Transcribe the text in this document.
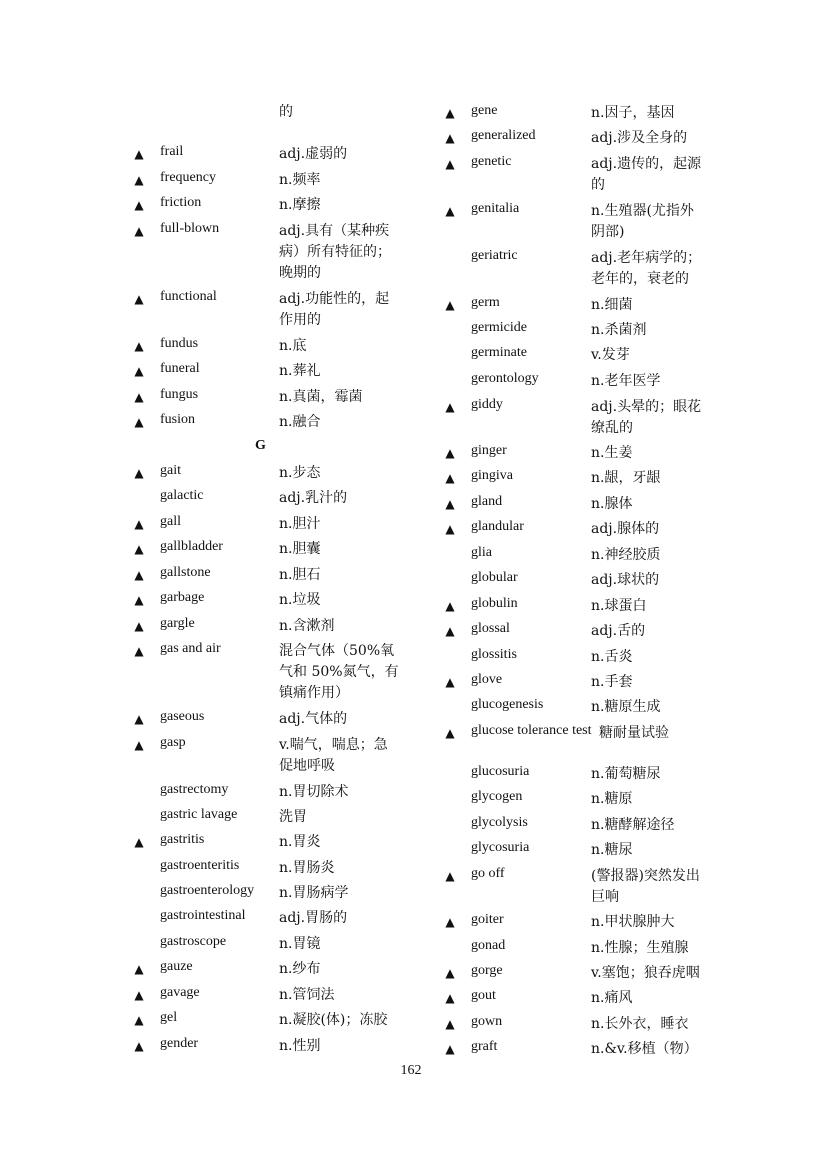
的
G
▲ frail	adj.虚弱的
▲ frequency	n.频率
▲ friction	n.摩擦
▲ full-blown	adj.具有（某种疾
病）所有特征的；
晚期的
▲ functional	adj.功能性的，起
作用的
▲ fundus	n.底
▲ funeral	n.葬礼
▲ fungus	n.真菌，霉菌
▲ fusion	n.融合
▲ gait	n.步态
galactic	adj.乳汁的
▲ gall	n.胆汁
▲ gallbladder	n.胆囊
▲ gallstone	n.胆石
▲ garbage	n.垃圾
▲ gargle	n.含漱剂
▲ gas and air	混合气体（50%氧
气和 50%氮气，有
镇痛作用）
▲ gaseous	adj.气体的
▲ gasp	v.喘气，喘息；急
促地呼吸
gastrectomy	n.胃切除术
gastric lavage	洗胃
▲ gastritis	n.胃炎
gastroenteritis	n.胃肠炎
gastroenterology n.胃肠病学
gastrointestinal adj.胃肠的
gastroscope	n.胃镜
▲ gauze	n.纱布
▲ gavage	n.管饲法
▲ gel	n.凝胶(体)；冻胶
▲ gender	n.性别
▲ gene	n.因子，基因
▲ generalized	adj.涉及全身的
▲ genetic	adj.遗传的，起源
的
▲ genitalia	n.生殖器(尤指外
阴部)
geriatric	adj.老年病学的；
老年的，衰老的
▲ germ	n.细菌
germicide	n.杀菌剂
germinate	v.发芽
gerontology	n.老年医学
▲ giddy	adj.头晕的；眼花
缭乱的
▲ ginger	n.生姜
▲ gingiva	n.龈，牙龈
▲ gland	n.腺体
▲ glandular	adj.腺体的
glia	n.神经胶质
globular	adj.球状的
▲ globulin	n.球蛋白
▲ glossal	adj.舌的
glossitis	n.舌炎
▲ glove	n.手套
glucogenesis	n.糖原生成
▲ glucose tolerance test 糖耐量试验
glucosuria	n.葡萄糖尿
glycogen	n.糖原
glycolysis	n.糖酵解途径
glycosuria	n.糖尿
▲ go off	(警报器)突然发出
巨响
▲ goiter	n.甲状腺肿大
gonad	n.性腺；生殖腺
▲ gorge	v.塞饱；狼吞虎咽
▲ gout	n.痛风
▲ gown	n.长外衣，睡衣
▲ graft	n.&v.移植（物）
162
